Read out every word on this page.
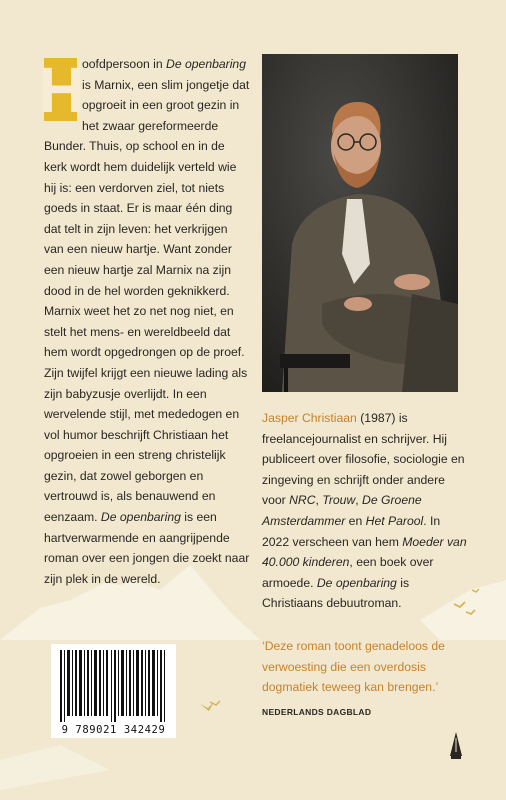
H oofdpersoon in De openbaring is Marnix, een slim jongetje dat opgroeit in een groot gezin in het zwaar gereformeerde Bunder. Thuis, op school en in de kerk wordt hem duidelijk verteld wie hij is: een verdorven ziel, tot niets goeds in staat. Er is maar één ding dat telt in zijn leven: het verkrijgen van een nieuw hartje. Want zonder een nieuw hartje zal Marnix na zijn dood in de hel worden geknikkerd. Marnix weet het zo net nog niet, en stelt het mens- en wereldbeeld dat hem wordt opgedrongen op de proef. Zijn twijfel krijgt een nieuwe lading als zijn babyzusje overlijdt. In een wervelende stijl, met mededogen en vol humor beschrijft Christiaan het opgroeien in een streng christelijk gezin, dat zowel geborgen en vertrouwd is, als benauwend en eenzaam. De openbaring is een hartverwarmende en aangrijpende roman over een jongen die zoekt naar zijn plek in de wereld.

Jasper Christiaan (1987) is freelancejournalist en schrijver. Hij publiceert over filosofie, sociologie en zingeving en schrijft onder andere voor NRC, Trouw, De Groene Amsterdammer en Het Parool. In 2022 verscheen van hem Moeder van 40.000 kinderen, een boek over armoede. De openbaring is Christiaans debuutroman.
‘Deze roman toont genadeloos de verwoesting die een overdosis dogmatiek teweeg kan brengen.’
NEDERLANDS DAGBLAD
9 789021 342429
